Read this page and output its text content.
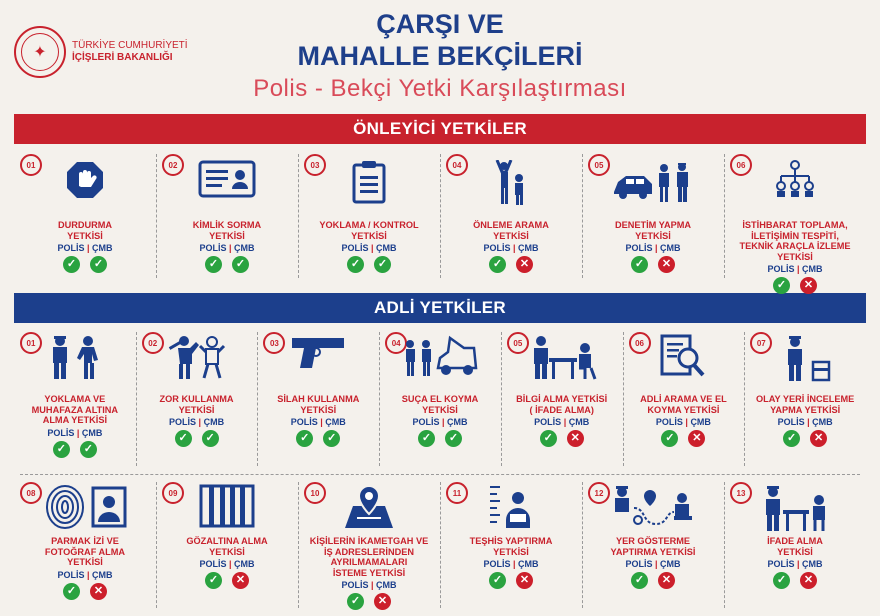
✦	TÜRKİYE CUMHURİYETİ
İÇİŞLERİ BAKANLIĞI
ÇARŞI VE
MAHALLE BEKÇİLERİ
Polis - Bekçi Yetki Karşılaştırması
ÖNLEYİCİ YETKİLER
ADLİ YETKİLER
01
DURDURMA
YETKİSİ
POLİS | ÇMB
✓	✓
02
KİMLİK SORMA
YETKİSİ
POLİS | ÇMB
✓	✓
03
YOKLAMA / KONTROL
YETKİSİ
POLİS | ÇMB
✓	✓
04
ÖNLEME ARAMA
YETKİSİ
POLİS | ÇMB
✓	✕
05
DENETİM YAPMA
YETKİSİ
POLİS | ÇMB
✓	✕
06
İSTİHBARAT TOPLAMA,
İLETİŞİMİN TESPİTİ,
TEKNİK ARAÇLA İZLEME
YETKİSİ
POLİS | ÇMB
✓	✕
01
YOKLAMA VE
MUHAFAZA ALTINA
ALMA YETKİSİ
POLİS | ÇMB
✓	✓
02
ZOR KULLANMA
YETKİSİ
POLİS | ÇMB
✓	✓
03
SİLAH KULLANMA
YETKİSİ
POLİS | ÇMB
✓	✓
04
SUÇA EL KOYMA
YETKİSİ
POLİS | ÇMB
✓	✓
05
BİLGİ ALMA YETKİSİ
( İFADE ALMA)
POLİS | ÇMB
✓	✕
06
ADLİ ARAMA VE EL
KOYMA YETKİSİ
POLİS | ÇMB
✓	✕
07
OLAY YERİ İNCELEME
YAPMA YETKİSİ
POLİS | ÇMB
✓	✕
08
PARMAK İZİ VE
FOTOĞRAF ALMA
YETKİSİ
POLİS | ÇMB
✓	✕
09
GÖZALTINA ALMA
YETKİSİ
POLİS | ÇMB
✓	✕
10
KİŞİLERİN İKAMETGAH VE
İŞ ADRESLERİNDEN
AYRILMAMALARI
İSTEME YETKİSİ
POLİS | ÇMB
✓	✕
11
TEŞHİS YAPTIRMA
YETKİSİ
POLİS | ÇMB
✓	✕
12
YER GÖSTERME
YAPTIRMA YETKİSİ
POLİS | ÇMB
✓	✕
13
İFADE ALMA
YETKİSİ
POLİS | ÇMB
✓	✕
